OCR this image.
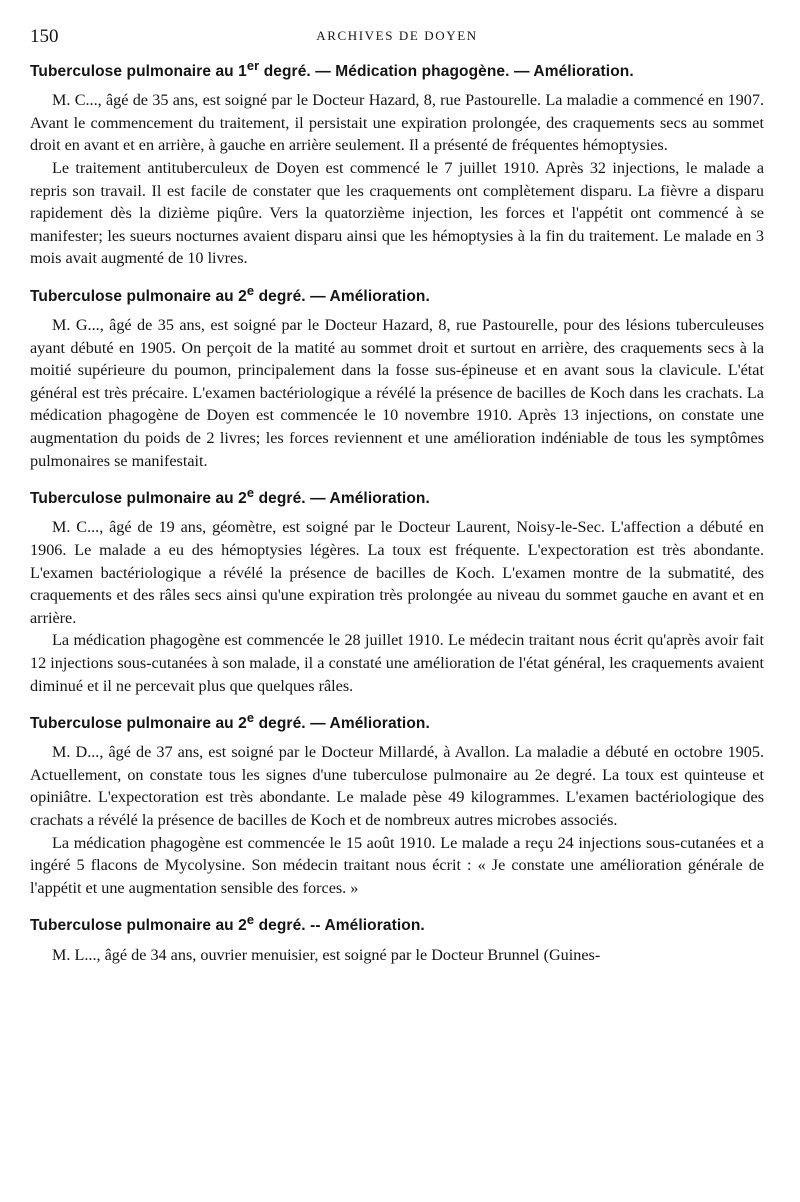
150	ARCHIVES DE DOYEN
Tuberculose pulmonaire au 1er degré. — Médication phagogène. — Amélioration.

M. C..., âgé de 35 ans, est soigné par le Docteur Hazard, 8, rue Pastourelle. La maladie a commencé en 1907. Avant le commencement du traitement, il persistait une expiration prolongée, des craquements secs au sommet droit en avant et en arrière, à gauche en arrière seulement. Il a présenté de fréquentes hémoptysies.

Le traitement antituberculeux de Doyen est commencé le 7 juillet 1910. Après 32 injections, le malade a repris son travail. Il est facile de constater que les craquements ont complètement disparu. La fièvre a disparu rapidement dès la dizième piqûre. Vers la quatorzième injection, les forces et l'appétit ont commencé à se manifester; les sueurs nocturnes avaient disparu ainsi que les hémoptysies à la fin du traitement. Le malade en 3 mois avait augmenté de 10 livres.

Tuberculose pulmonaire au 2e degré. — Amélioration.

M. G..., âgé de 35 ans, est soigné par le Docteur Hazard, 8, rue Pastourelle, pour des lésions tuberculeuses ayant débuté en 1905. On perçoit de la matité au sommet droit et surtout en arrière, des craquements secs à la moitié supérieure du poumon, principalement dans la fosse sus-épineuse et en avant sous la clavicule. L'état général est très précaire. L'examen bactériologique a révélé la présence de bacilles de Koch dans les crachats. La médication phagogène de Doyen est commencée le 10 novembre 1910. Après 13 injections, on constate une augmentation du poids de 2 livres; les forces reviennent et une amélioration indéniable de tous les symptômes pulmonaires se manifestait.

Tuberculose pulmonaire au 2e degré. — Amélioration.

M. C..., âgé de 19 ans, géomètre, est soigné par le Docteur Laurent, Noisy-le-Sec. L'affection a débuté en 1906. Le malade a eu des hémoptysies légères. La toux est fréquente. L'expectoration est très abondante. L'examen bactériologique a révélé la présence de bacilles de Koch. L'examen montre de la submatité, des craquements et des râles secs ainsi qu'une expiration très prolongée au niveau du sommet gauche en avant et en arrière.

La médication phagogène est commencée le 28 juillet 1910. Le médecin traitant nous écrit qu'après avoir fait 12 injections sous-cutanées à son malade, il a constaté une amélioration de l'état général, les craquements avaient diminué et il ne percevait plus que quelques râles.

Tuberculose pulmonaire au 2e degré. — Amélioration.

M. D..., âgé de 37 ans, est soigné par le Docteur Millardé, à Avallon. La maladie a débuté en octobre 1905. Actuellement, on constate tous les signes d'une tuberculose pulmonaire au 2e degré. La toux est quinteuse et opiniâtre. L'expectoration est très abondante. Le malade pèse 49 kilogrammes. L'examen bactériologique des crachats a révélé la présence de bacilles de Koch et de nombreux autres microbes associés.

La médication phagogène est commencée le 15 août 1910. Le malade a reçu 24 injections sous-cutanées et a ingéré 5 flacons de Mycolysine. Son médecin traitant nous écrit : « Je constate une amélioration générale de l'appétit et une augmentation sensible des forces. »

Tuberculose pulmonaire au 2e degré. -- Amélioration.

M. L..., âgé de 34 ans, ouvrier menuisier, est soigné par le Docteur Brunnel (Guines-
